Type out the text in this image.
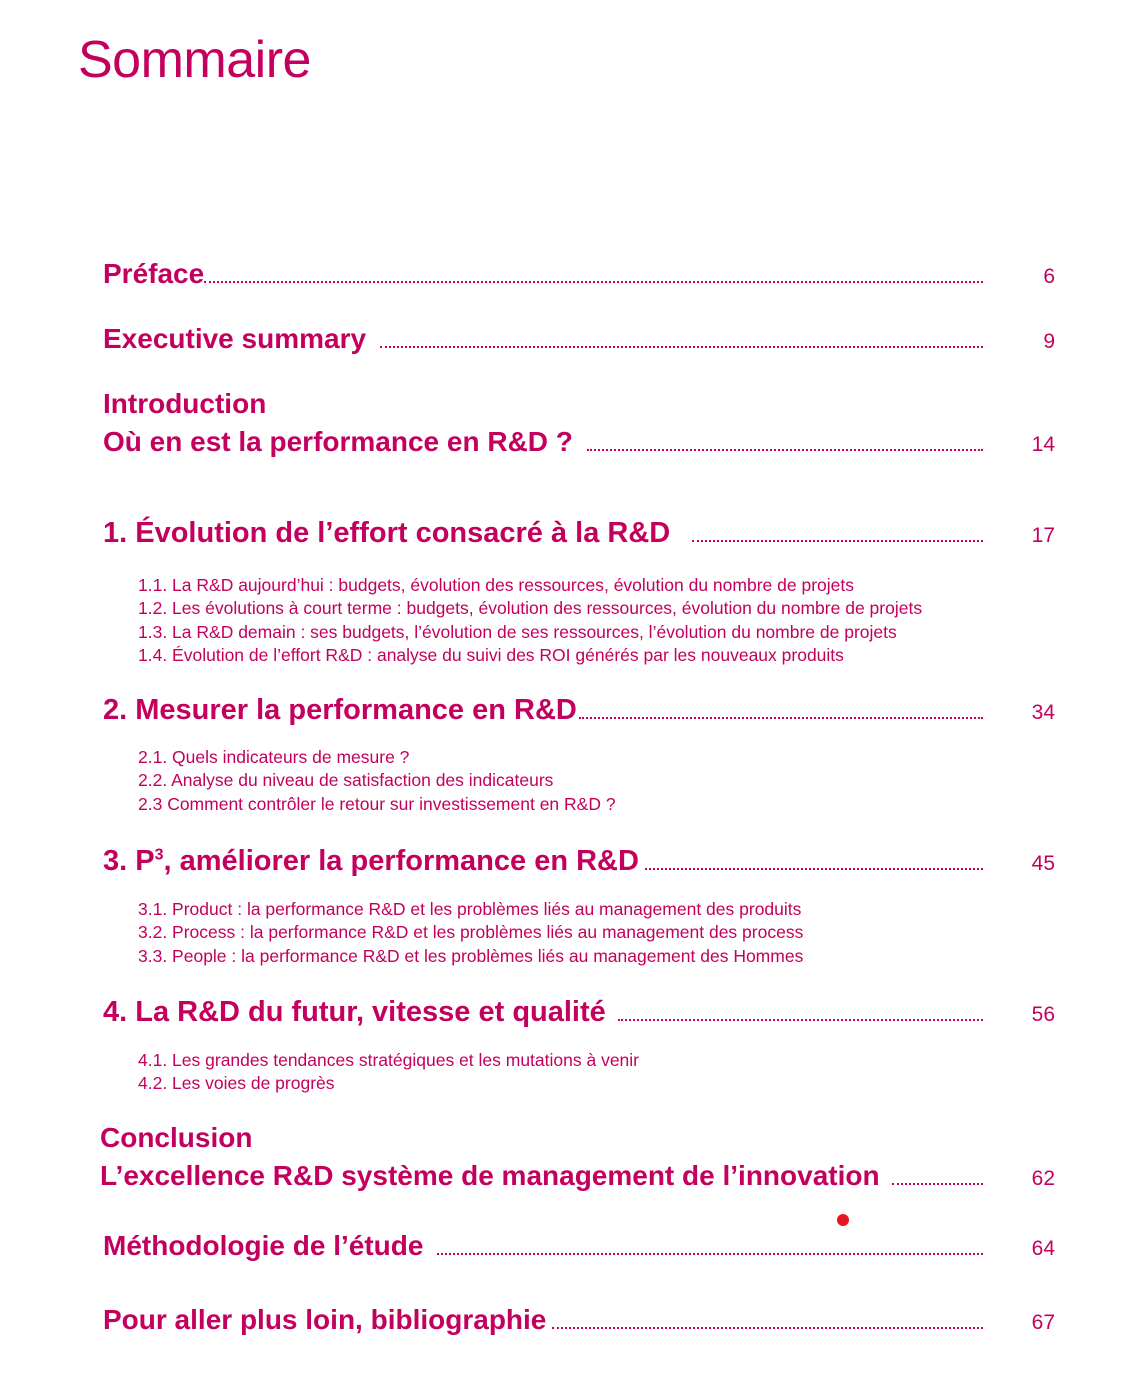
Sommaire
Préface	6
Executive summary	9
Introduction
Où en est la performance en R&D ?	14
1. Évolution de l’effort consacré à la R&D	17
1.1. La R&D aujourd’hui : budgets, évolution des ressources, évolution du nombre de projets
1.2. Les évolutions à court terme : budgets, évolution des ressources, évolution du nombre de projets
1.3. La R&D demain : ses budgets, l’évolution de ses ressources, l’évolution du nombre de projets
1.4. Évolution de l’effort R&D : analyse du suivi des ROI générés par les nouveaux produits
2. Mesurer la performance en R&D	34
2.1. Quels indicateurs de mesure ?
2.2. Analyse du niveau de satisfaction des indicateurs
2.3 Comment contrôler le retour sur investissement en R&D ?
3. $P^3$, améliorer la performance en R&D	45
3.1. Product : la performance R&D et les problèmes liés au management des produits
3.2. Process : la performance R&D et les problèmes liés au management des process
3.3. People : la performance R&D et les problèmes liés au management des Hommes
4. La R&D du futur, vitesse et qualité	56
4.1. Les grandes tendances stratégiques et les mutations à venir
4.2. Les voies de progrès
Conclusion
L’excellence R&D système de management de l’innovation	62
Méthodologie de l’étude	64
Pour aller plus loin, bibliographie	67
